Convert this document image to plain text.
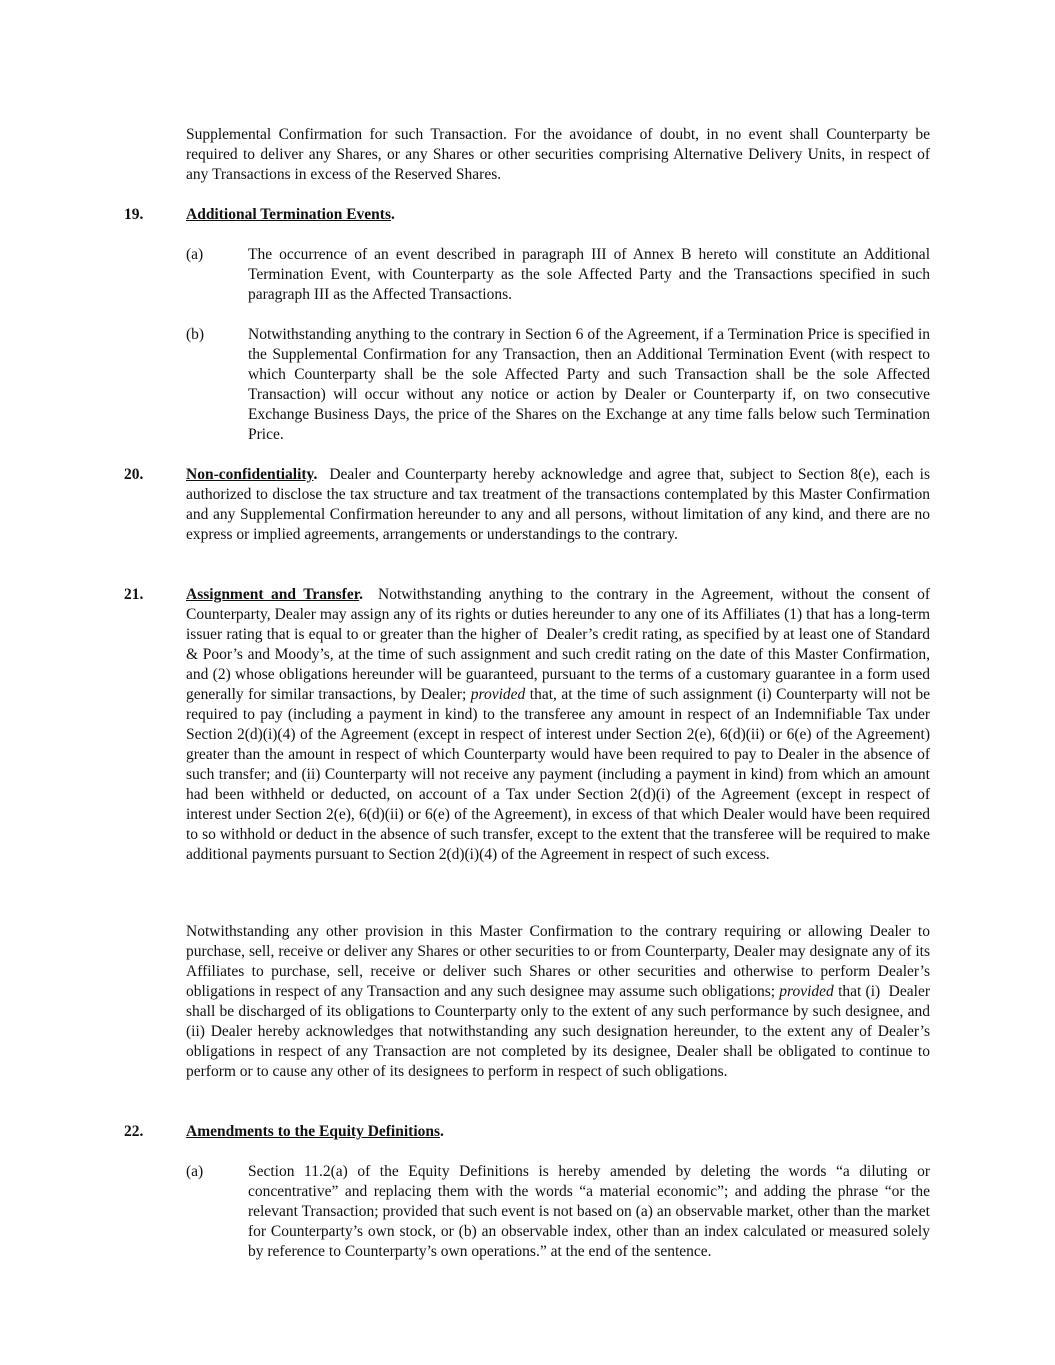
Supplemental Confirmation for such Transaction. For the avoidance of doubt, in no event shall Counterparty be required to deliver any Shares, or any Shares or other securities comprising Alternative Delivery Units, in respect of any Transactions in excess of the Reserved Shares.

19.	Additional Termination Events.

(a)	The occurrence of an event described in paragraph III of Annex B hereto will constitute an Additional Termination Event, with Counterparty as the sole Affected Party and the Transactions specified in such paragraph III as the Affected Transactions.

(b)	Notwithstanding anything to the contrary in Section 6 of the Agreement, if a Termination Price is specified in the Supplemental Confirmation for any Transaction, then an Additional Termination Event (with respect to which Counterparty shall be the sole Affected Party and such Transaction shall be the sole Affected Transaction) will occur without any notice or action by Dealer or Counterparty if, on two consecutive Exchange Business Days, the price of the Shares on the Exchange at any time falls below such Termination Price.

20.	Non-confidentiality.  Dealer and Counterparty hereby acknowledge and agree that, subject to Section 8(e), each is authorized to disclose the tax structure and tax treatment of the transactions contemplated by this Master Confirmation and any Supplemental Confirmation hereunder to any and all persons, without limitation of any kind, and there are no express or implied agreements, arrangements or understandings to the contrary.

21.	Assignment and Transfer.  Notwithstanding anything to the contrary in the Agreement, without the consent of Counterparty, Dealer may assign any of its rights or duties hereunder to any one of its Affiliates (1) that has a long-term issuer rating that is equal to or greater than the higher of  Dealer’s credit rating, as specified by at least one of Standard & Poor’s and Moody’s, at the time of such assignment and such credit rating on the date of this Master Confirmation, and (2) whose obligations hereunder will be guaranteed, pursuant to the terms of a customary guarantee in a form used generally for similar transactions, by Dealer; provided that, at the time of such assignment (i) Counterparty will not be required to pay (including a payment in kind) to the transferee any amount in respect of an Indemnifiable Tax under Section 2(d)(i)(4) of the Agreement (except in respect of interest under Section 2(e), 6(d)(ii) or 6(e) of the Agreement) greater than the amount in respect of which Counterparty would have been required to pay to Dealer in the absence of such transfer; and (ii) Counterparty will not receive any payment (including a payment in kind) from which an amount had been withheld or deducted, on account of a Tax under Section 2(d)(i) of the Agreement (except in respect of interest under Section 2(e), 6(d)(ii) or 6(e) of the Agreement), in excess of that which Dealer would have been required to so withhold or deduct in the absence of such transfer, except to the extent that the transferee will be required to make additional payments pursuant to Section 2(d)(i)(4) of the Agreement in respect of such excess.

Notwithstanding any other provision in this Master Confirmation to the contrary requiring or allowing Dealer to purchase, sell, receive or deliver any Shares or other securities to or from Counterparty, Dealer may designate any of its Affiliates to purchase, sell, receive or deliver such Shares or other securities and otherwise to perform Dealer’s obligations in respect of any Transaction and any such designee may assume such obligations; provided that (i)  Dealer shall be discharged of its obligations to Counterparty only to the extent of any such performance by such designee, and (ii) Dealer hereby acknowledges that notwithstanding any such designation hereunder, to the extent any of Dealer’s obligations in respect of any Transaction are not completed by its designee, Dealer shall be obligated to continue to perform or to cause any other of its designees to perform in respect of such obligations.

22.	Amendments to the Equity Definitions.

(a)	Section 11.2(a) of the Equity Definitions is hereby amended by deleting the words “a diluting or concentrative” and replacing them with the words “a material economic”; and adding the phrase “or the relevant Transaction; provided that such event is not based on (a) an observable market, other than the market for Counterparty’s own stock, or (b) an observable index, other than an index calculated or measured solely by reference to Counterparty’s own operations.” at the end of the sentence.
